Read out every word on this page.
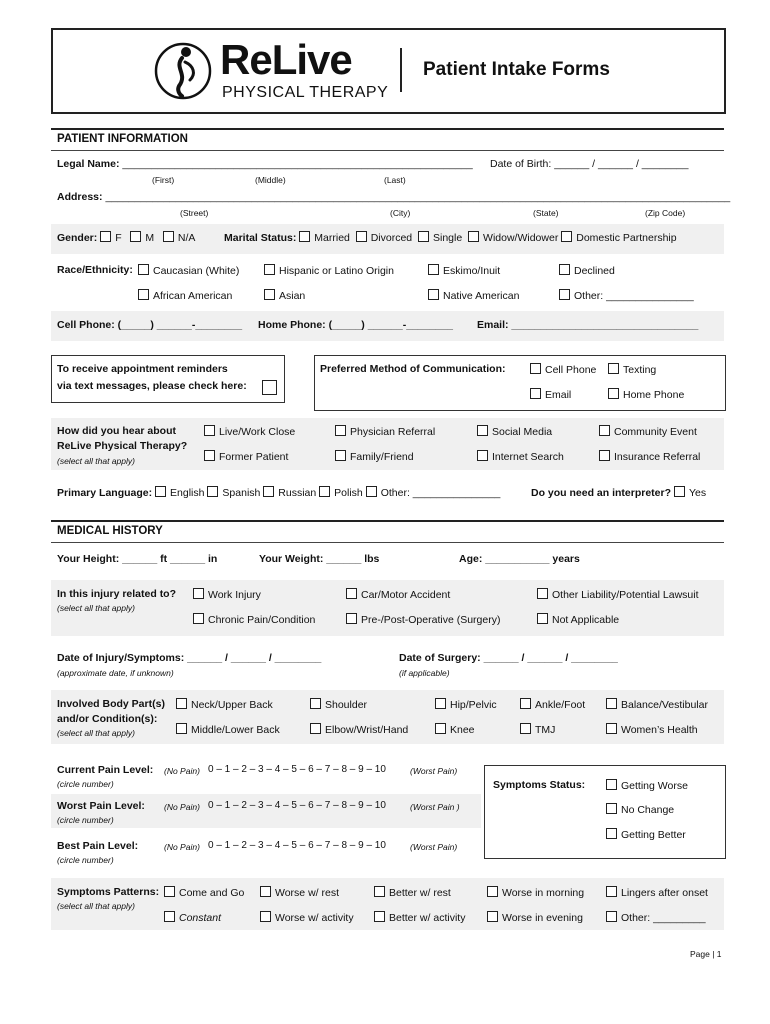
ReLive
PHYSICAL THERAPY
Patient Intake Forms
PATIENT INFORMATION
Legal Name: ____________________________________________________________ Date of Birth: ______ / ______ / ________
(First)	(Middle)	(Last)
Address: ___________________________________________________________________________________________________________
(Street)	(City)	(State)	(Zip Code)
Gender: F M N/A	Marital Status: Married Divorced Single Widow/Widower Domestic Partnership
Race/Ethnicity:	Caucasian (White)	Hispanic or Latino Origin	Eskimo/Inuit	Declined
African American	Asian	Native American	Other: _______________
Cell Phone: (_____) ______-________ Home Phone: (_____) ______-________ Email: ________________________________
To receive appointment reminders
via text messages, please check here:
Preferred Method of Communication:	Cell Phone	Texting
Email	Home Phone
How did you hear about
ReLive Physical Therapy?
(select all that apply)
Live/Work Close	Physician Referral	Social Media	Community Event
Former Patient	Family/Friend	Internet Search	Insurance Referral
Primary Language: English Spanish Russian Polish Other: _______________	Do you need an interpreter? Yes
MEDICAL HISTORY
Your Height: ______ ft ______ in	Your Weight: ______ lbs	Age: ___________ years
In this injury related to?
(select all that apply)
Work Injury	Car/Motor Accident	Other Liability/Potential Lawsuit
Chronic Pain/Condition	Pre-/Post-Operative (Surgery)	Not Applicable
Date of Injury/Symptoms: ______ / ______ / ________
(approximate date, if unknown)
Date of Surgery: ______ / ______ / ________
(if applicable)
Involved Body Part(s)
and/or Condition(s):
(select all that apply)
Neck/Upper Back	Shoulder	Hip/Pelvic	Ankle/Foot	Balance/Vestibular
Middle/Lower Back	Elbow/Wrist/Hand	Knee	TMJ	Women’s Health
Current Pain Level:
(circle number)
(No Pain) 0 – 1 – 2 – 3 – 4 – 5 – 6 – 7 – 8 – 9 – 10	(Worst Pain)
Worst Pain Level:
(circle number)
(No Pain) 0 – 1 – 2 – 3 – 4 – 5 – 6 – 7 – 8 – 9 – 10	(Worst Pain )
Best Pain Level:
(circle number)
(No Pain) 0 – 1 – 2 – 3 – 4 – 5 – 6 – 7 – 8 – 9 – 10	(Worst Pain)
Symptoms Status:	Getting Worse
No Change
Getting Better
Symptoms Patterns:
(select all that apply)
Come and Go	Worse w/ rest	Better w/ rest	Worse in morning	Lingers after onset
Constant	Worse w/ activity	Better w/ activity	Worse in evening	Other: _________
Page | 1
